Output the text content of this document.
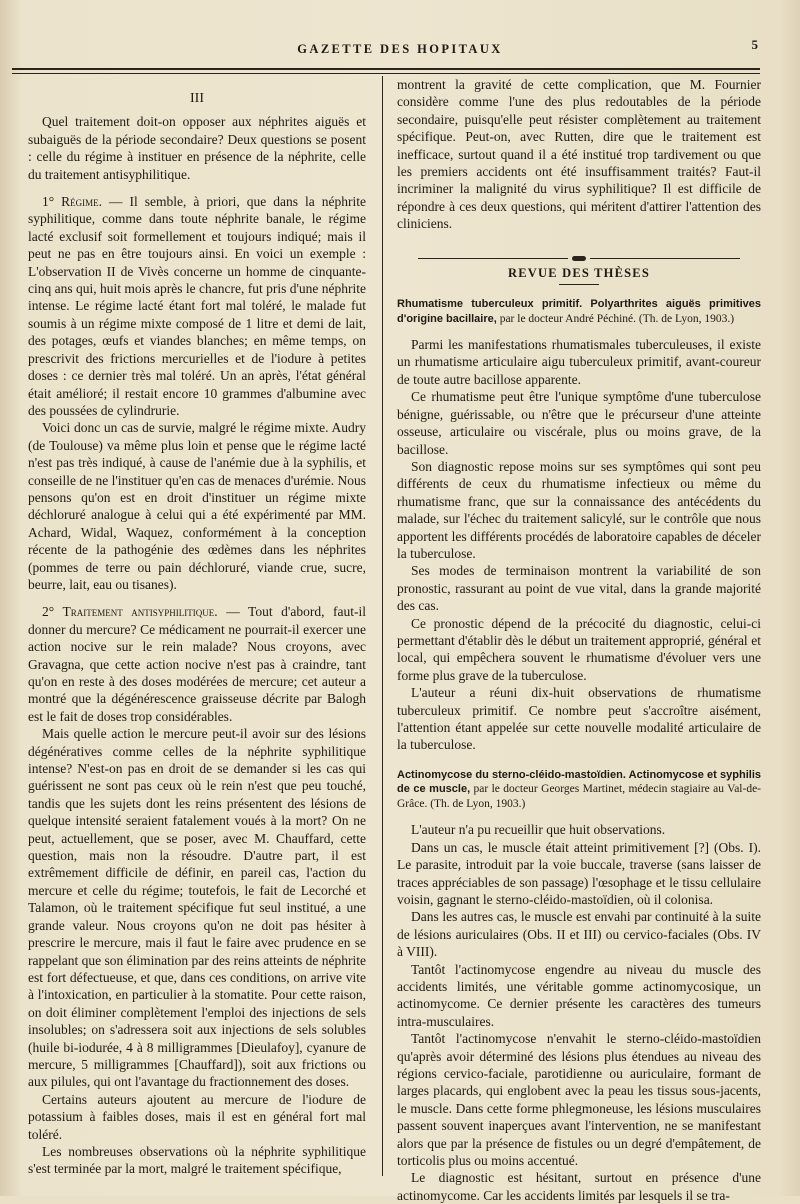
GAZETTE DES HOPITAUX	5

III

Quel traitement doit-on opposer aux néphrites aiguës et subaiguës de la période secondaire? Deux questions se posent : celle du régime à instituer en présence de la néphrite, celle du traitement antisyphilitique.

1° Régime. — Il semble, à priori, que dans la néphrite syphilitique, comme dans toute néphrite banale, le régime lacté exclusif soit formellement et toujours indiqué; mais il peut ne pas en être toujours ainsi. En voici un exemple : L'observation II de Vivès concerne un homme de cinquante-cinq ans qui, huit mois après le chancre, fut pris d'une néphrite intense. Le régime lacté étant fort mal toléré, le malade fut soumis à un régime mixte composé de 1 litre et demi de lait, des potages, œufs et viandes blanches; en même temps, on prescrivit des frictions mercurielles et de l'iodure à petites doses : ce dernier très mal toléré. Un an après, l'état général était amélioré; il restait encore 10 grammes d'albumine avec des poussées de cylindrurie.

Voici donc un cas de survie, malgré le régime mixte. Audry (de Toulouse) va même plus loin et pense que le régime lacté n'est pas très indiqué, à cause de l'anémie due à la syphilis, et conseille de ne l'instituer qu'en cas de menaces d'urémie. Nous pensons qu'on est en droit d'instituer un régime mixte déchloruré analogue à celui qui a été expérimenté par MM. Achard, Widal, Waquez, conformément à la conception récente de la pathogénie des œdèmes dans les néphrites (pommes de terre ou pain déchloruré, viande crue, sucre, beurre, lait, eau ou tisanes).

2° Traitement antisyphilitique. — Tout d'abord, faut-il donner du mercure? Ce médicament ne pourrait-il exercer une action nocive sur le rein malade? Nous croyons, avec Gravagna, que cette action nocive n'est pas à craindre, tant qu'on en reste à des doses modérées de mercure; cet auteur a montré que la dégénérescence graisseuse décrite par Balogh est le fait de doses trop considérables.

Mais quelle action le mercure peut-il avoir sur des lésions dégénératives comme celles de la néphrite syphilitique intense? N'est-on pas en droit de se demander si les cas qui guérissent ne sont pas ceux où le rein n'est que peu touché, tandis que les sujets dont les reins présentent des lésions de quelque intensité seraient fatalement voués à la mort? On ne peut, actuellement, que se poser, avec M. Chauffard, cette question, mais non la résoudre. D'autre part, il est extrêmement difficile de définir, en pareil cas, l'action du mercure et celle du régime; toutefois, le fait de Lecorché et Talamon, où le traitement spécifique fut seul institué, a une grande valeur. Nous croyons qu'on ne doit pas hésiter à prescrire le mercure, mais il faut le faire avec prudence en se rappelant que son élimination par des reins atteints de néphrite est fort défectueuse, et que, dans ces conditions, on arrive vite à l'intoxication, en particulier à la stomatite. Pour cette raison, on doit éliminer complètement l'emploi des injections de sels insolubles; on s'adressera soit aux injections de sels solubles (huile bi-iodurée, 4 à 8 milligrammes [Dieulafoy], cyanure de mercure, 5 milligrammes [Chauffard]), soit aux frictions ou aux pilules, qui ont l'avantage du fractionnement des doses.

Certains auteurs ajoutent au mercure de l'iodure de potassium à faibles doses, mais il est en général fort mal toléré.

Les nombreuses observations où la néphrite syphilitique s'est terminée par la mort, malgré le traitement spécifique,

montrent la gravité de cette complication, que M. Fournier considère comme l'une des plus redoutables de la période secondaire, puisqu'elle peut résister complètement au traitement spécifique. Peut-on, avec Rutten, dire que le traitement est inefficace, surtout quand il a été institué trop tardivement ou que les premiers accidents ont été insuffisamment traités? Faut-il incriminer la malignité du virus syphilitique? Il est difficile de répondre à ces deux questions, qui méritent d'attirer l'attention des cliniciens.

REVUE DES THÈSES

Rhumatisme tuberculeux primitif. Polyarthrites aiguës primitives d'origine bacillaire, par le docteur André Péchiné. (Th. de Lyon, 1903.)

Parmi les manifestations rhumatismales tuberculeuses, il existe un rhumatisme articulaire aigu tuberculeux primitif, avant-coureur de toute autre bacillose apparente.

Ce rhumatisme peut être l'unique symptôme d'une tuberculose bénigne, guérissable, ou n'être que le précurseur d'une atteinte osseuse, articulaire ou viscérale, plus ou moins grave, de la bacillose.

Son diagnostic repose moins sur ses symptômes qui sont peu différents de ceux du rhumatisme infectieux ou même du rhumatisme franc, que sur la connaissance des antécédents du malade, sur l'échec du traitement salicylé, sur le contrôle que nous apportent les différents procédés de laboratoire capables de déceler la tuberculose.

Ses modes de terminaison montrent la variabilité de son pronostic, rassurant au point de vue vital, dans la grande majorité des cas.

Ce pronostic dépend de la précocité du diagnostic, celui-ci permettant d'établir dès le début un traitement approprié, général et local, qui empêchera souvent le rhumatisme d'évoluer vers une forme plus grave de la tuberculose.

L'auteur a réuni dix-huit observations de rhumatisme tuberculeux primitif. Ce nombre peut s'accroître aisément, l'attention étant appelée sur cette nouvelle modalité articulaire de la tuberculose.

Actinomycose du sterno-cléido-mastoïdien. Actinomycose et syphilis de ce muscle, par le docteur Georges Martinet, médecin stagiaire au Val-de-Grâce. (Th. de Lyon, 1903.)

L'auteur n'a pu recueillir que huit observations.

Dans un cas, le muscle était atteint primitivement [?] (Obs. I). Le parasite, introduit par la voie buccale, traverse (sans laisser de traces appréciables de son passage) l'œsophage et le tissu cellulaire voisin, gagnant le sterno-cléido-mastoïdien, où il colonisa.

Dans les autres cas, le muscle est envahi par continuité à la suite de lésions auriculaires (Obs. II et III) ou cervico-faciales (Obs. IV à VIII).

Tantôt l'actinomycose engendre au niveau du muscle des accidents limités, une véritable gomme actinomycosique, un actinomycome. Ce dernier présente les caractères des tumeurs intra-musculaires.

Tantôt l'actinomycose n'envahit le sterno-cléido-mastoïdien qu'après avoir déterminé des lésions plus étendues au niveau des régions cervico-faciale, parotidienne ou auriculaire, formant de larges placards, qui englobent avec la peau les tissus sous-jacents, le muscle. Dans cette forme phlegmoneuse, les lésions musculaires passent souvent inaperçues avant l'intervention, ne se manifestant alors que par la présence de fistules ou un degré d'empâtement, de torticolis plus ou moins accentué.

Le diagnostic est hésitant, surtout en présence d'une actinomycome. Car les accidents limités par lesquels il se tra-
